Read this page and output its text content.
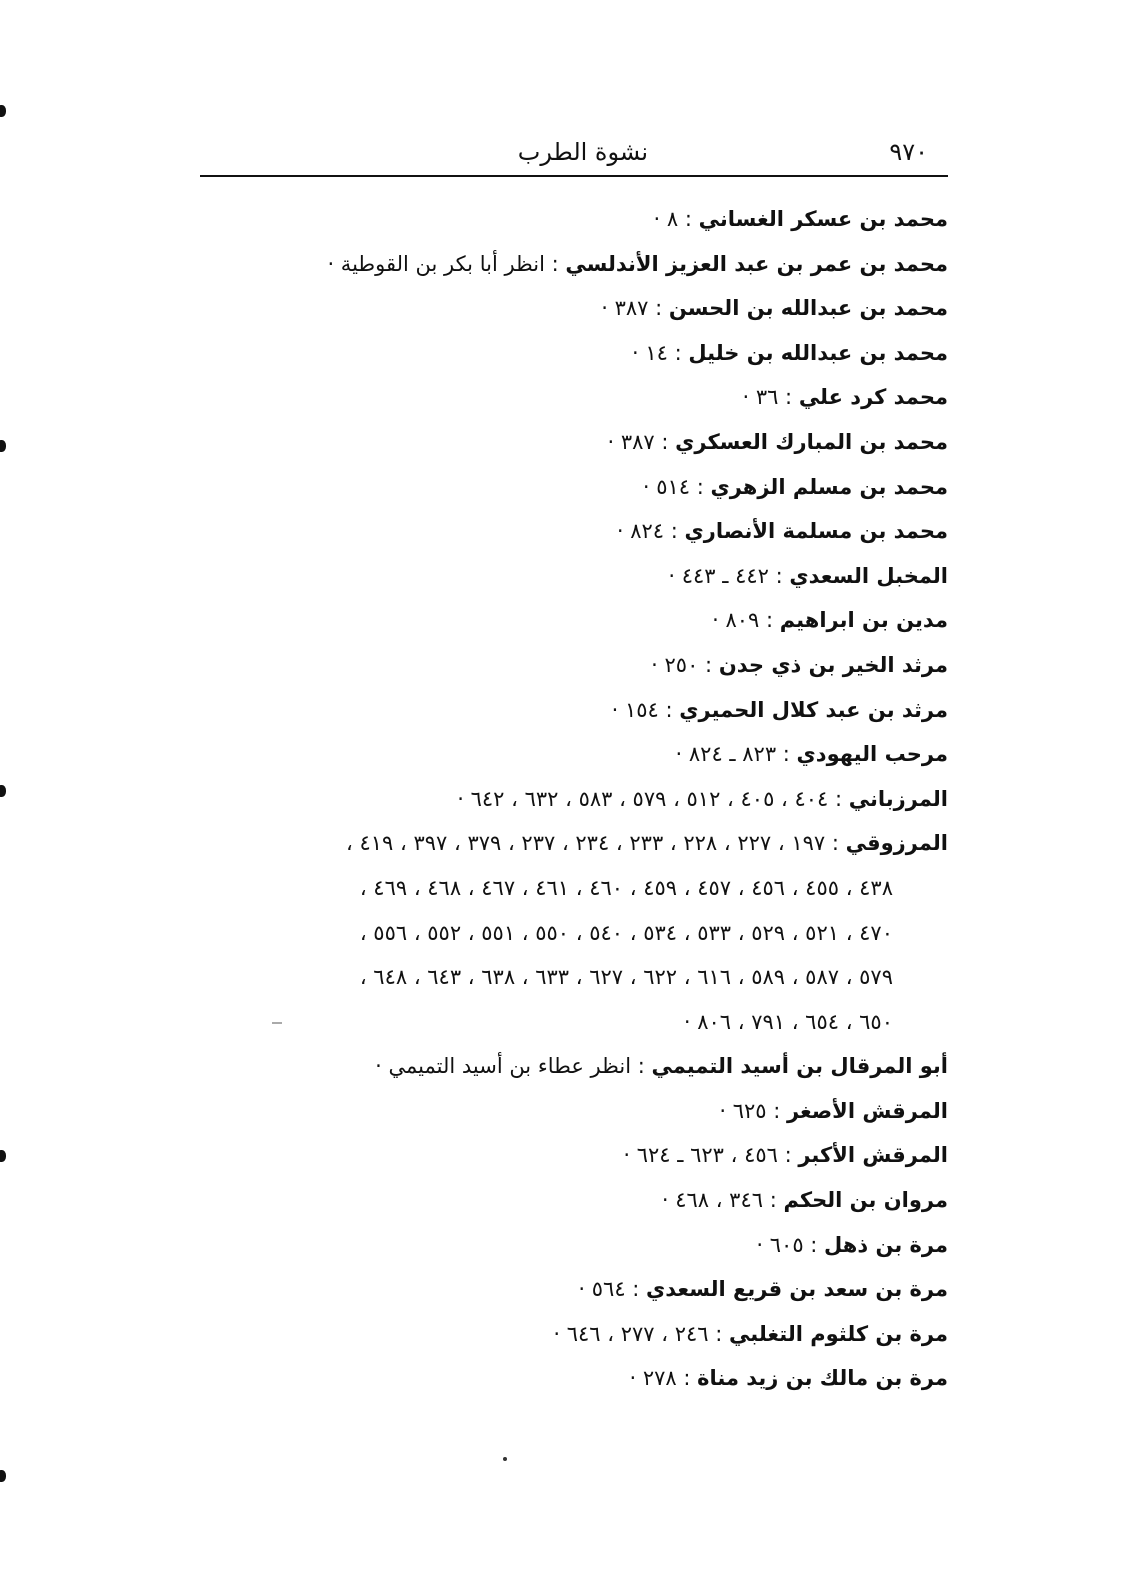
٩٧٠
نشوة الطرب
محمد بن عسكر الغساني : ٨ ·
محمد بن عمر بن عبد العزيز الأندلسي : انظر أبا بكر بن القوطية ·
محمد بن عبدالله بن الحسن : ٣٨٧ ·
محمد بن عبدالله بن خليل : ١٤ ·
محمد كرد علي : ٣٦ ·
محمد بن المبارك العسكري : ٣٨٧ ·
محمد بن مسلم الزهري : ٥١٤ ·
محمد بن مسلمة الأنصاري : ٨٢٤ ·
المخبل السعدي : ٤٤٢ ـ ٤٤٣ ·
مدين بن ابراهيم : ٨٠٩ ·
مرثد الخير بن ذي جدن : ٢٥٠ ·
مرثد بن عبد كلال الحميري : ١٥٤ ·
مرحب اليهودي : ٨٢٣ ـ ٨٢٤ ·
المرزباني : ٤٠٤ ، ٤٠٥ ، ٥١٢ ، ٥٧٩ ، ٥٨٣ ، ٦٣٢ ، ٦٤٢ ·
المرزوقي : ١٩٧ ، ٢٢٧ ، ٢٢٨ ، ٢٣٣ ، ٢٣٤ ، ٢٣٧ ، ٣٧٩ ، ٣٩٧ ، ٤١٩ ،
٤٣٨ ، ٤٥٥ ، ٤٥٦ ، ٤٥٧ ، ٤٥٩ ، ٤٦٠ ، ٤٦١ ، ٤٦٧ ، ٤٦٨ ، ٤٦٩ ،
٤٧٠ ، ٥٢١ ، ٥٢٩ ، ٥٣٣ ، ٥٣٤ ، ٥٤٠ ، ٥٥٠ ، ٥٥١ ، ٥٥٢ ، ٥٥٦ ،
٥٧٩ ، ٥٨٧ ، ٥٨٩ ، ٦١٦ ، ٦٢٢ ، ٦٢٧ ، ٦٣٣ ، ٦٣٨ ، ٦٤٣ ، ٦٤٨ ،
٦٥٠ ، ٦٥٤ ، ٧٩١ ، ٨٠٦ ·
أبو المرقال بن أسيد التميمي : انظر عطاء بن أسيد التميمي ·
المرقش الأصغر : ٦٢٥ ·
المرقش الأكبر : ٤٥٦ ، ٦٢٣ ـ ٦٢٤ ·
مروان بن الحكم : ٣٤٦ ، ٤٦٨ ·
مرة بن ذهل : ٦٠٥ ·
مرة بن سعد بن قريع السعدي : ٥٦٤ ·
مرة بن كلثوم التغلبي : ٢٤٦ ، ٢٧٧ ، ٦٤٦ ·
مرة بن مالك بن زيد مناة : ٢٧٨ ·
